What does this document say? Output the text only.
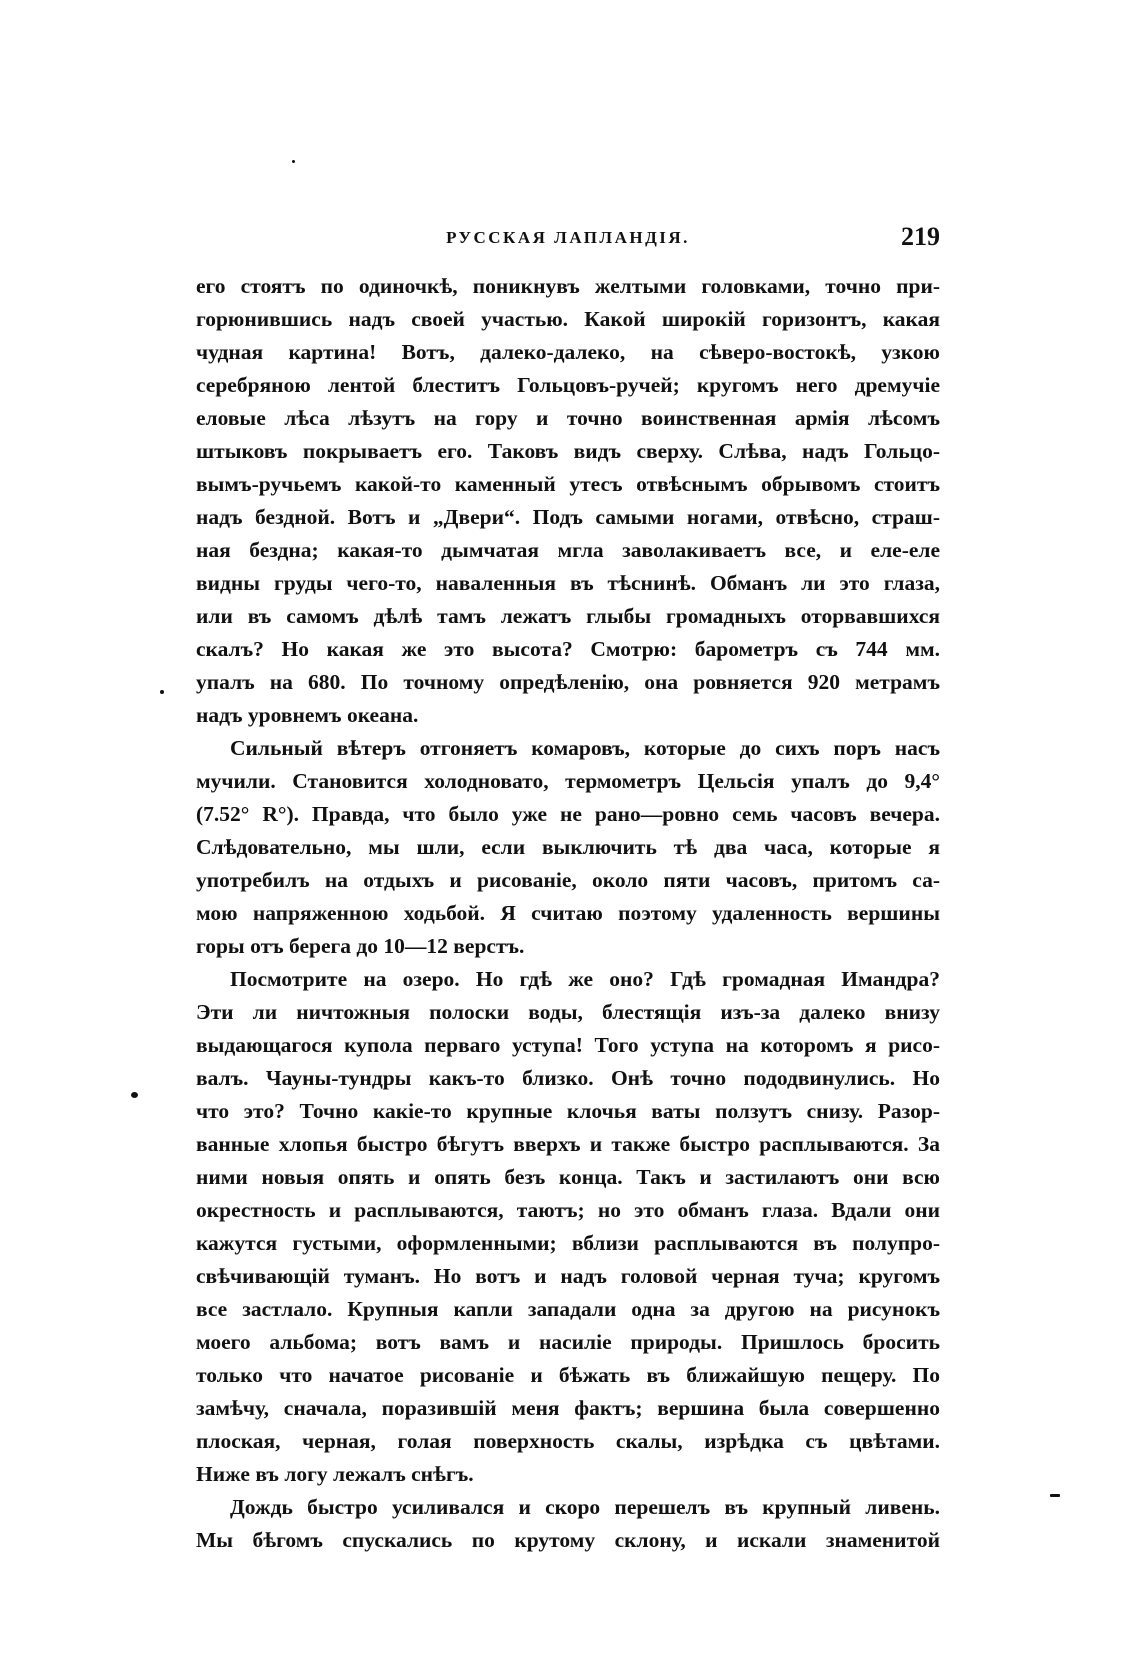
РУССКАЯ ЛАПЛАНДІЯ.	219
его стоятъ по одиночкѣ, поникнувъ желтыми головками, точно при-
горюнившись надъ своей участью. Какой широкій горизонтъ, какая
чудная картина! Вотъ, далеко-далеко, на сѣверо-востокѣ, узкою
серебряною лентой блеститъ Гольцовъ-ручей; кругомъ него дремучіе
еловые лѣса лѣзутъ на гору и точно воинственная армія лѣсомъ
штыковъ покрываетъ его. Таковъ видъ сверху. Слѣва, надъ Гольцо-
вымъ-ручьемъ какой-то каменный утесъ отвѣснымъ обрывомъ стоитъ
надъ бездной. Вотъ и „Двери“. Подъ самыми ногами, отвѣсно, страш-
ная бездна; какая-то дымчатая мгла заволакиваетъ все, и еле-еле
видны груды чего-то, наваленныя въ тѣснинѣ. Обманъ ли это глаза,
или въ самомъ дѣлѣ тамъ лежатъ глыбы громадныхъ оторвавшихся
скалъ? Но какая же это высота? Смотрю: барометръ съ 744 мм.
упалъ на 680. По точному опредѣленію, она ровняется 920 метрамъ
надъ уровнемъ океана.
Сильный вѣтеръ отгоняетъ комаровъ, которые до сихъ поръ насъ
мучили. Становится холодновато, термометръ Цельсія упалъ до 9,4°
(7.52° R°). Правда, что было уже не рано—ровно семь часовъ вечера.
Слѣдовательно, мы шли, если выключить тѣ два часа, которые я
употребилъ на отдыхъ и рисованіе, около пяти часовъ, притомъ са-
мою напряженною ходьбой. Я считаю поэтому удаленность вершины
горы отъ берега до 10—12 верстъ.
Посмотрите на озеро. Но гдѣ же оно? Гдѣ громадная Имандра?
Эти ли ничтожныя полоски воды, блестящія изъ-за далеко внизу
выдающагося купола перваго уступа! Того уступа на которомъ я рисо-
валъ. Чауны-тундры какъ-то близко. Онѣ точно пододвинулись. Но
что это? Точно какіе-то крупные клочья ваты ползутъ снизу. Разор-
ванные хлопья быстро бѣгутъ вверхъ и также быстро расплываются. За
ними новыя опять и опять безъ конца. Такъ и застилаютъ они всю
окрестность и расплываются, таютъ; но это обманъ глаза. Вдали они
кажутся густыми, оформленными; вблизи расплываются въ полупро-
свѣчивающій туманъ. Но вотъ и надъ головой черная туча; кругомъ
все застлало. Крупныя капли западали одна за другою на рисунокъ
моего альбома; вотъ вамъ и насиліе природы. Пришлось бросить
только что начатое рисованіе и бѣжать въ ближайшую пещеру. По
замѣчу, сначала, поразившій меня фактъ; вершина была совершенно
плоская, черная, голая поверхность скалы, изрѣдка съ цвѣтами.
Ниже въ логу лежалъ снѣгъ.
Дождь быстро усиливался и скоро перешелъ въ крупный ливень.
Мы бѣгомъ спускались по крутому склону, и искали знаменитой
